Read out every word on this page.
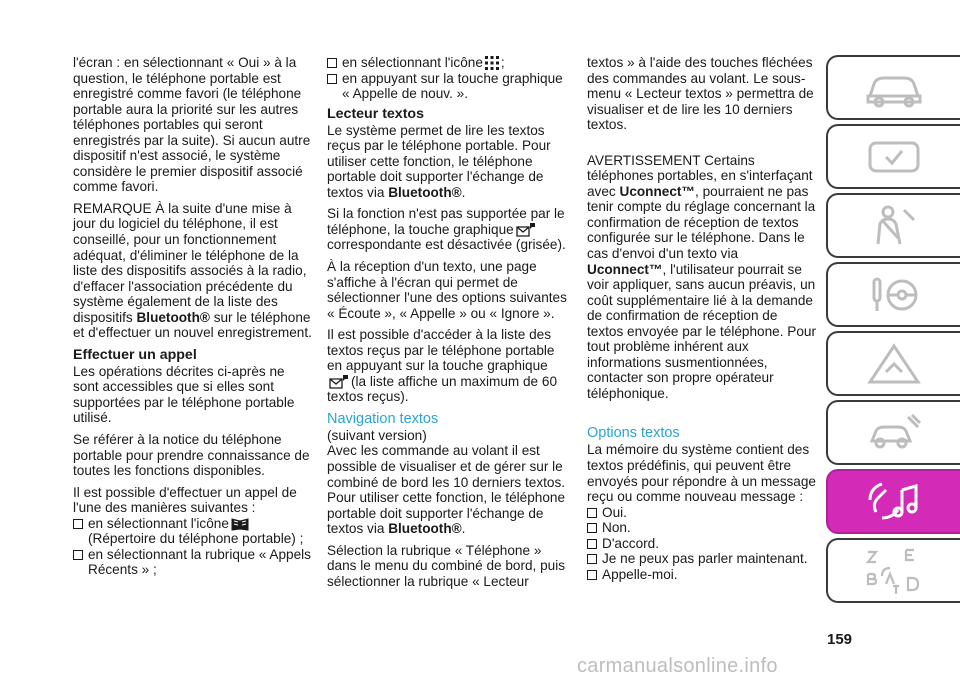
l'écran : en sélectionnant « Oui » à la question, le téléphone portable est enregistré comme favori (le téléphone portable aura la priorité sur les autres téléphones portables qui seront enregistrés par la suite). Si aucun autre dispositif n'est associé, le système considère le premier dispositif associé comme favori.

REMARQUE À la suite d'une mise à jour du logiciel du téléphone, il est conseillé, pour un fonctionnement adéquat, d'éliminer le téléphone de la liste des dispositifs associés à la radio, d'effacer l'association précédente du système également de la liste des dispositifs Bluetooth® sur le téléphone et d'effectuer un nouvel enregistrement.

Effectuer un appel

Les opérations décrites ci-après ne sont accessibles que si elles sont supportées par le téléphone portable utilisé.

Se référer à la notice du téléphone portable pour prendre connaissance de toutes les fonctions disponibles.

Il est possible d'effectuer un appel de l'une des manières suivantes :

en sélectionnant l'icône
(Répertoire du téléphone portable) ;
en sélectionnant la rubrique « Appels Récents » ;
en sélectionnant l'icône ;
en appuyant sur la touche graphique « Appelle de nouv. ».
Lecteur textos

Le système permet de lire les textos reçus par le téléphone portable. Pour utiliser cette fonction, le téléphone portable doit supporter l'échange de textos via Bluetooth®.

Si la fonction n'est pas supportée par le téléphone, la touche graphique
correspondante est désactivée (grisée).

À la réception d'un texto, une page s'affiche à l'écran qui permet de sélectionner l'une des options suivantes « Écoute », « Appelle » ou « Ignore ».

Il est possible d'accéder à la liste des textos reçus par le téléphone portable en appuyant sur la touche graphique
(la liste affiche un maximum de 60 textos reçus).

Navigation textos

(suivant version)

Avec les commande au volant il est possible de visualiser et de gérer sur le combiné de bord les 10 derniers textos. Pour utiliser cette fonction, le téléphone portable doit supporter l'échange de textos via Bluetooth®.

Sélection la rubrique « Téléphone » dans le menu du combiné de bord, puis sélectionner la rubrique « Lecteur

textos » à l'aide des touches fléchées des commandes au volant. Le sous-menu « Lecteur textos » permettra de visualiser et de lire les 10 derniers textos.

AVERTISSEMENT Certains téléphones portables, en s'interfaçant avec Uconnect™, pourraient ne pas tenir compte du réglage concernant la confirmation de réception de textos configurée sur le téléphone. Dans le cas d'envoi d'un texto via Uconnect™, l'utilisateur pourrait se voir appliquer, sans aucun préavis, un coût supplémentaire lié à la demande de confirmation de réception de textos envoyée par le téléphone. Pour tout problème inhérent aux informations susmentionnées, contacter son propre opérateur téléphonique.

Options textos

La mémoire du système contient des textos prédéfinis, qui peuvent être envoyés pour répondre à un message reçu ou comme nouveau message :

Oui.
Non.
D'accord.
Je ne peux pas parler maintenant.
Appelle-moi.
159
carmanualsonline.info
